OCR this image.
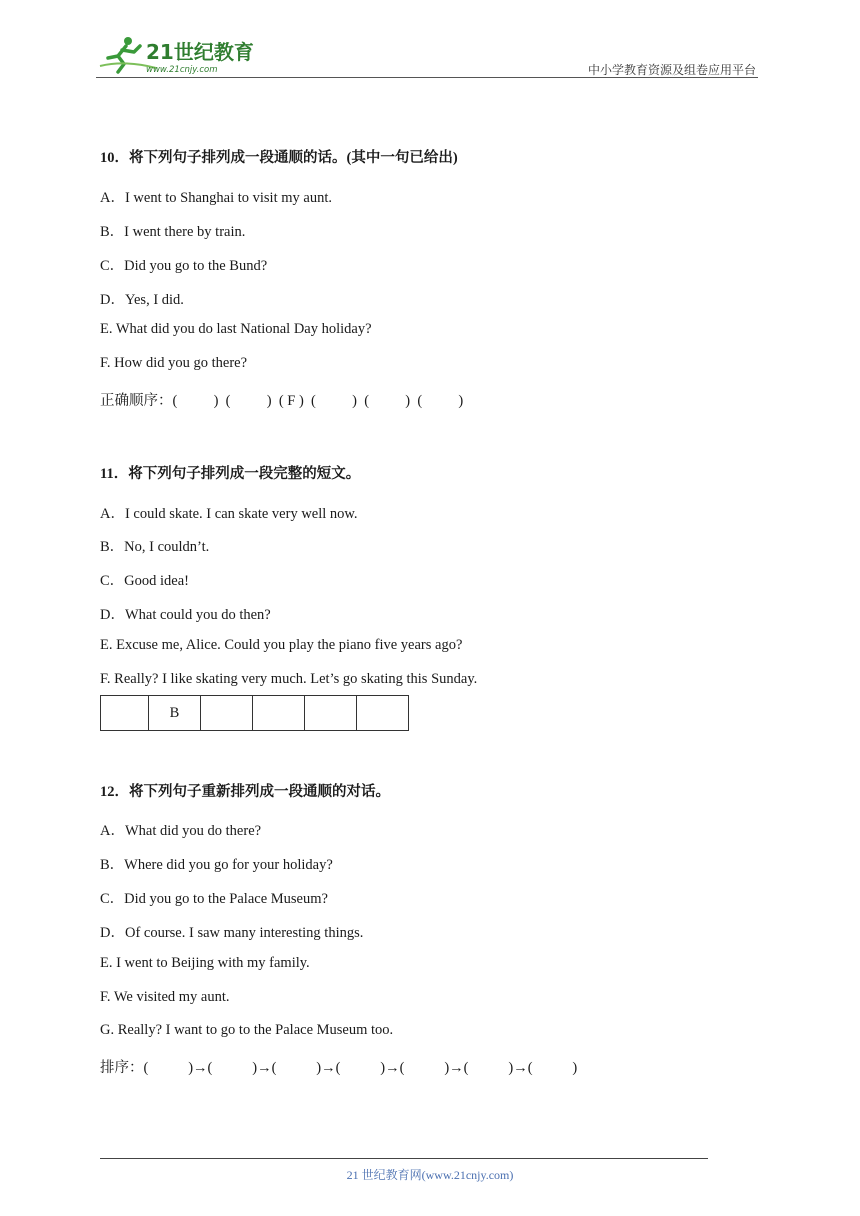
21世纪教育
www.21cnjy.com	中小学教育资源及组卷应用平台
10．将下列句子排列成一段通顺的话。(其中一句已给出)
A．I went to Shanghai to visit my aunt.
B．I went there by train.
C．Did you go to the Bund?
D．Yes, I did.
E. What did you do last National Day holiday?
F. How did you go there?
正确顺序：(          )  (          )  ( F )  (          )  (          )  (          )
11．将下列句子排列成一段完整的短文。
A．I could skate. I can skate very well now.
B．No, I couldn’t.
C．Good idea!
D．What could you do then?
E. Excuse me, Alice. Could you play the piano five years ago?
F. Really? I like skating very much. Let’s go skating this Sunday.
	B				
12．将下列句子重新排列成一段通顺的对话。
A．What did you do there?
B．Where did you go for your holiday?
C．Did you go to the Palace Museum?
D．Of course. I saw many interesting things.
E. I went to Beijing with my family.
F. We visited my aunt.
G. Really? I want to go to the Palace Museum too.
排序：(           )→(           )→(           )→(           )→(           )→(           )→(           )
21 世纪教育网(www.21cnjy.com)
